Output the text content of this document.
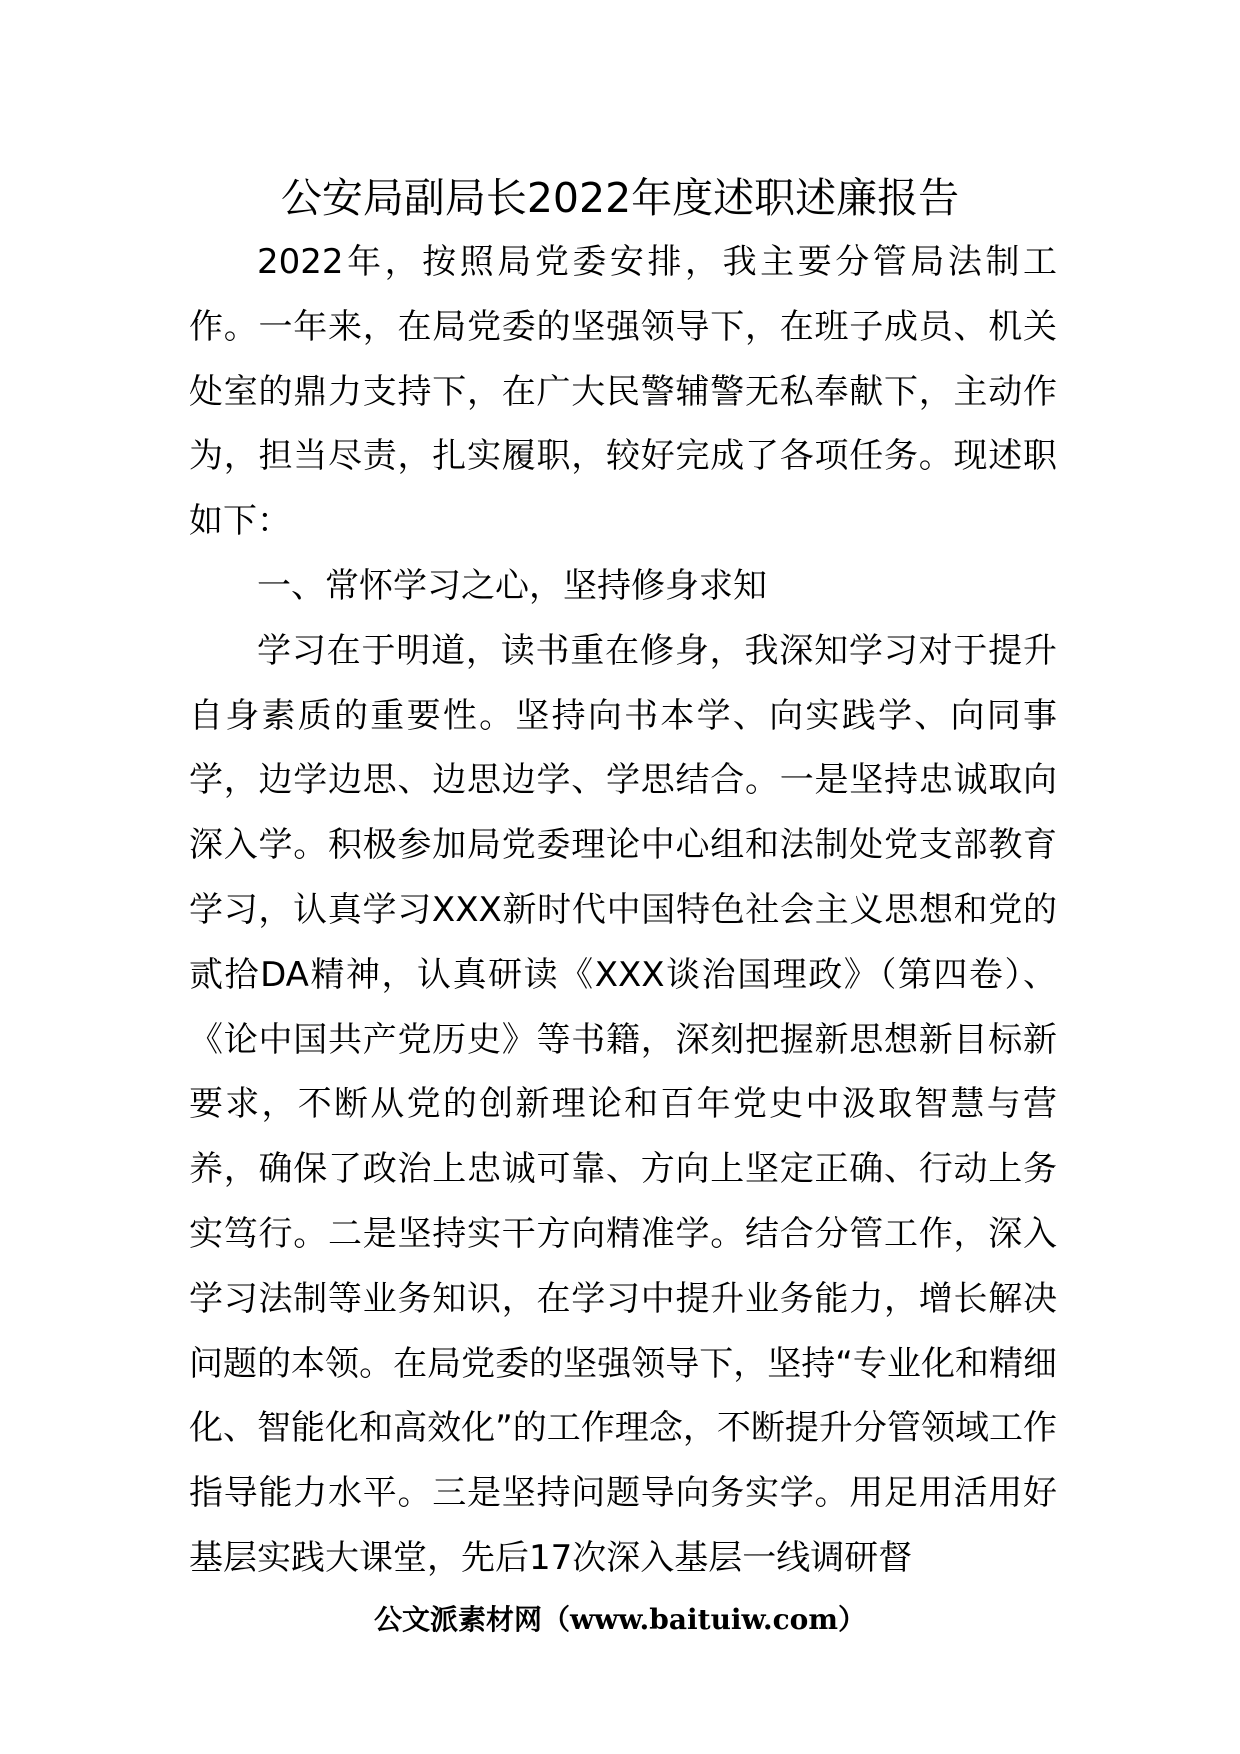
公安局副局长2022年度述职述廉报告

2022年，按照局党委安排，我主要分管局法制工作。一年来，在局党委的坚强领导下，在班子成员、机关处室的鼎力支持下，在广大民警辅警无私奉献下，主动作为，担当尽责，扎实履职，较好完成了各项任务。现述职如下：

一、常怀学习之心，坚持修身求知

学习在于明道，读书重在修身，我深知学习对于提升自身素质的重要性。坚持向书本学、向实践学、向同事学，边学边思、边思边学、学思结合。一是坚持忠诚取向深入学。积极参加局党委理论中心组和法制处党支部教育学习，认真学习XXX新时代中国特色社会主义思想和党的贰拾DA精神，认真研读《XXX谈治国理政》（第四卷）、《论中国共产党历史》等书籍，深刻把握新思想新目标新要求，不断从党的创新理论和百年党史中汲取智慧与营养，确保了政治上忠诚可靠、方向上坚定正确、行动上务实笃行。二是坚持实干方向精准学。结合分管工作，深入学习法制等业务知识，在学习中提升业务能力，增长解决问题的本领。在局党委的坚强领导下，坚持“专业化和精细化、智能化和高效化”的工作理念，不断提升分管领域工作指导能力水平。三是坚持问题导向务实学。用足用活用好基层实践大课堂，先后17次深入基层一线调研督

公文派素材网（www.baituiw.com）
